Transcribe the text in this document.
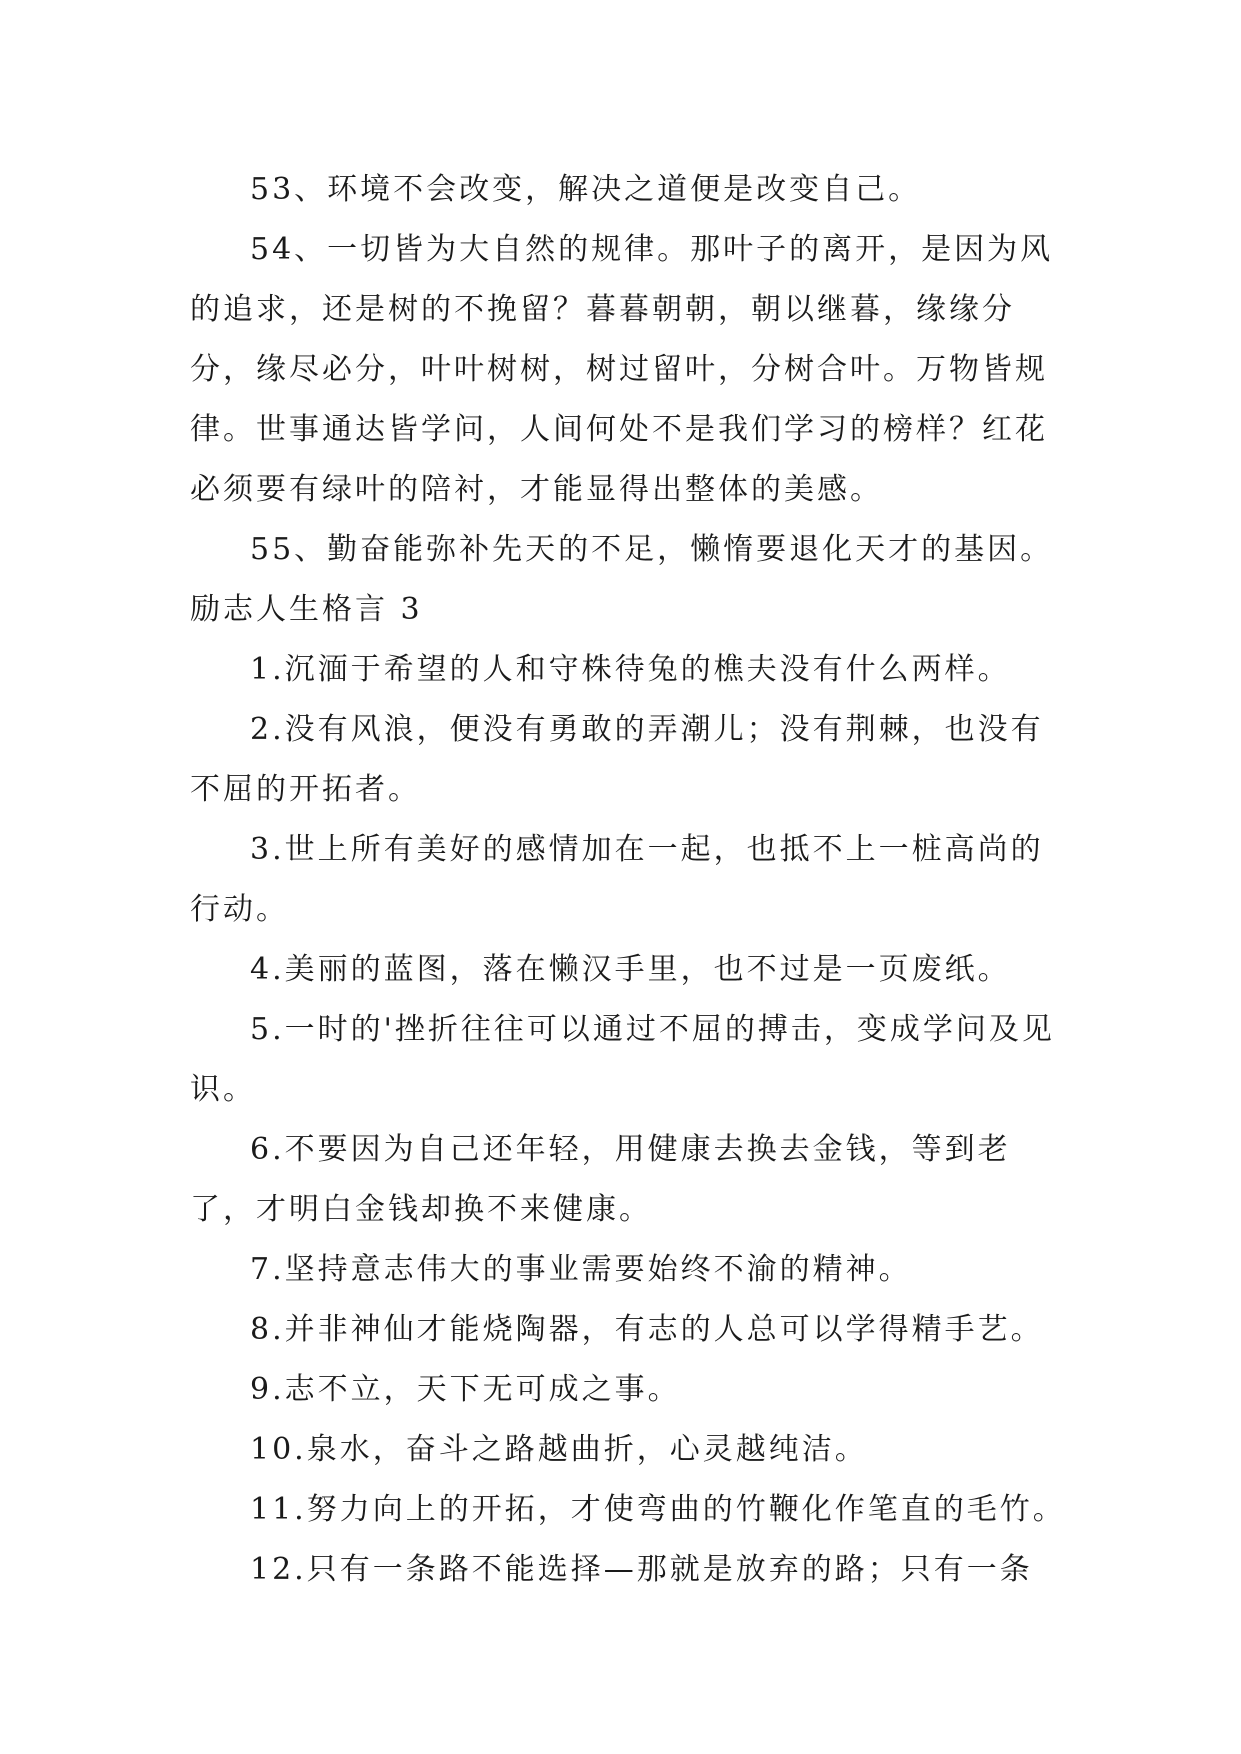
53、环境不会改变，解决之道便是改变自己。

54、一切皆为大自然的规律。那叶子的离开，是因为风的追求，还是树的不挽留？暮暮朝朝，朝以继暮，缘缘分分，缘尽必分，叶叶树树，树过留叶，分树合叶。万物皆规律。世事通达皆学问，人间何处不是我们学习的榜样？红花必须要有绿叶的陪衬，才能显得出整体的美感。

55、勤奋能弥补先天的不足，懒惰要退化天才的基因。

励志人生格言 3

1.沉湎于希望的人和守株待兔的樵夫没有什么两样。

2.没有风浪，便没有勇敢的弄潮儿；没有荆棘，也没有不屈的开拓者。

3.世上所有美好的感情加在一起，也抵不上一桩高尚的行动。

4.美丽的蓝图，落在懒汉手里，也不过是一页废纸。

5.一时的'挫折往往可以通过不屈的搏击，变成学问及见识。

6.不要因为自己还年轻，用健康去换去金钱，等到老了，才明白金钱却换不来健康。

7.坚持意志伟大的事业需要始终不渝的精神。

8.并非神仙才能烧陶器，有志的人总可以学得精手艺。

9.志不立，天下无可成之事。

10.泉水，奋斗之路越曲折，心灵越纯洁。

11.努力向上的开拓，才使弯曲的竹鞭化作笔直的毛竹。

12.只有一条路不能选择—那就是放弃的路；只有一条
